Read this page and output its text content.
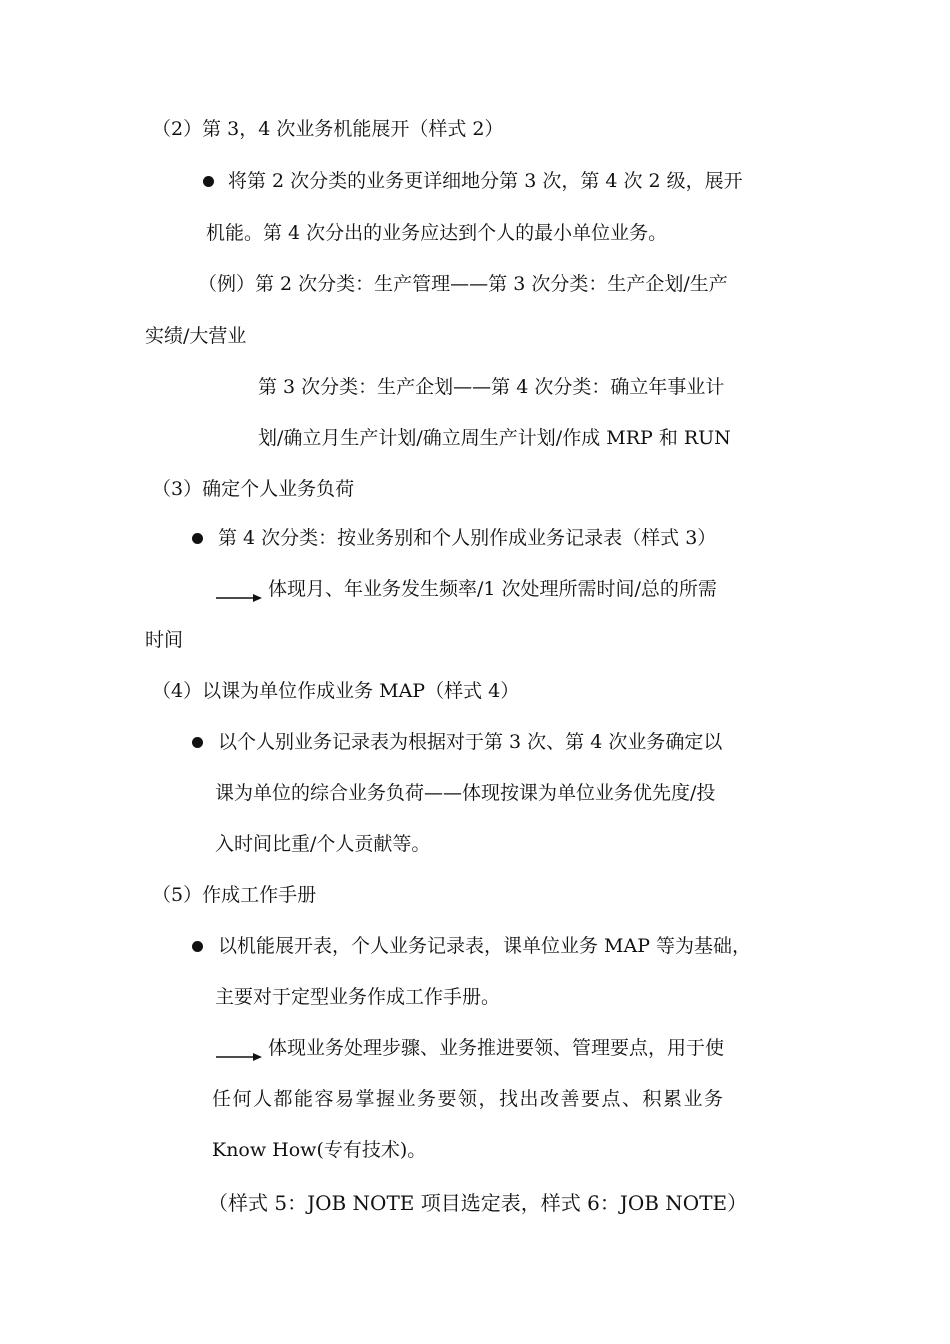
（2）第 3，4 次业务机能展开（样式 2）
将第 2 次分类的业务更详细地分第 3 次，第 4 次 2 级，展开
机能。第 4 次分出的业务应达到个人的最小单位业务。
（例）第 2 次分类：生产管理——第 3 次分类：生产企划/生产
实绩/大营业
第 3 次分类：生产企划——第 4 次分类：确立年事业计
划/确立月生产计划/确立周生产计划/作成 MRP 和 RUN
（3）确定个人业务负荷
第 4 次分类：按业务别和个人别作成业务记录表（样式 3）
体现月、年业务发生频率/1 次处理所需时间/总的所需
时间
（4）以课为单位作成业务 MAP（样式 4）
以个人别业务记录表为根据对于第 3 次、第 4 次业务确定以
课为单位的综合业务负荷——体现按课为单位业务优先度/投
入时间比重/个人贡献等。
（5）作成工作手册
以机能展开表，个人业务记录表，课单位业务 MAP 等为基础，
主要对于定型业务作成工作手册。
体现业务处理步骤、业务推进要领、管理要点，用于使
任何人都能容易掌握业务要领，找出改善要点、积累业务
Know How(专有技术)。
（样式 5：JOB NOTE 项目选定表，样式 6：JOB NOTE）
